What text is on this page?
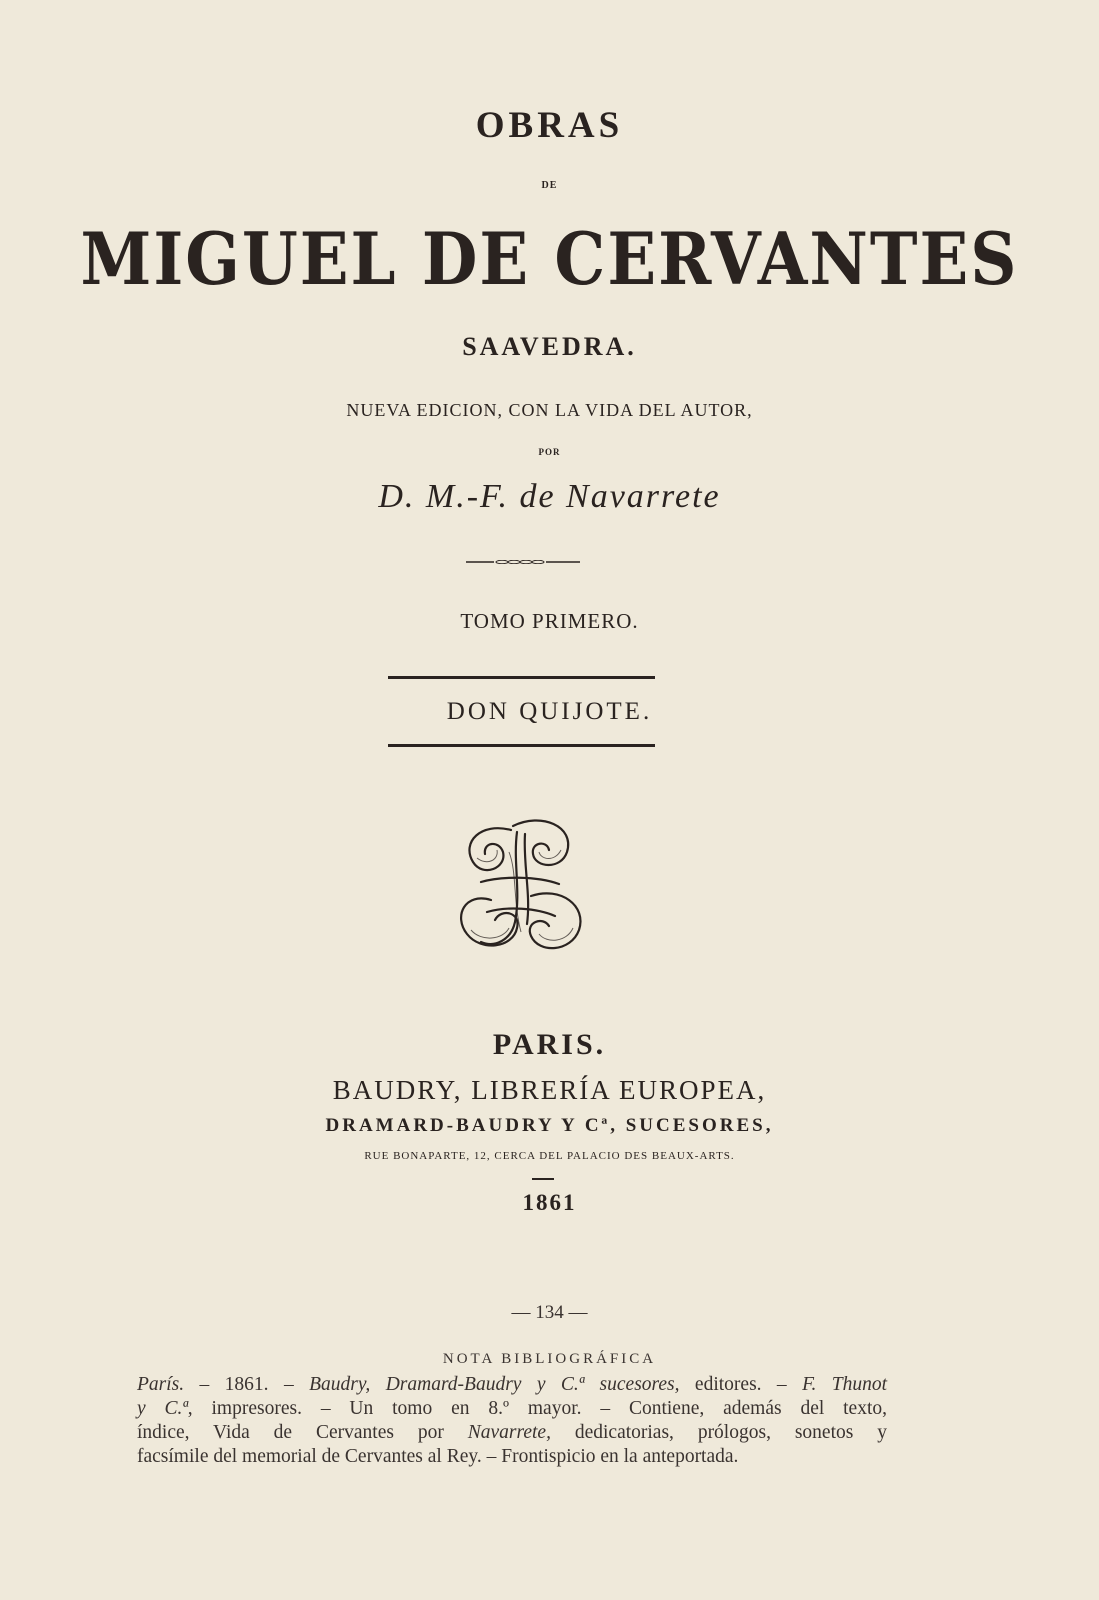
OBRAS
DE
MIGUEL DE CERVANTES
SAAVEDRA.
NUEVA EDICION, CON LA VIDA DEL AUTOR,
POR
D. M.-F. de Navarrete
TOMO PRIMERO.
DON QUIJOTE.
PARIS.
BAUDRY, LIBRERÍA EUROPEA,
DRAMARD-BAUDRY Y Cª, SUCESORES,
RUE BONAPARTE, 12, CERCA DEL PALACIO DES BEAUX-ARTS.
1861
— 134 —
NOTA BIBLIOGRÁFICA
París. – 1861. – Baudry, Dramard-Baudry y C.ª sucesores, editores. – F. Thunot
y C.ª, impresores. – Un tomo en 8.º mayor. – Contiene, además del texto,
índice, Vida de Cervantes por Navarrete, dedicatorias, prólogos, sonetos y
facsímile del memorial de Cervantes al Rey. – Frontispicio en la anteportada.
